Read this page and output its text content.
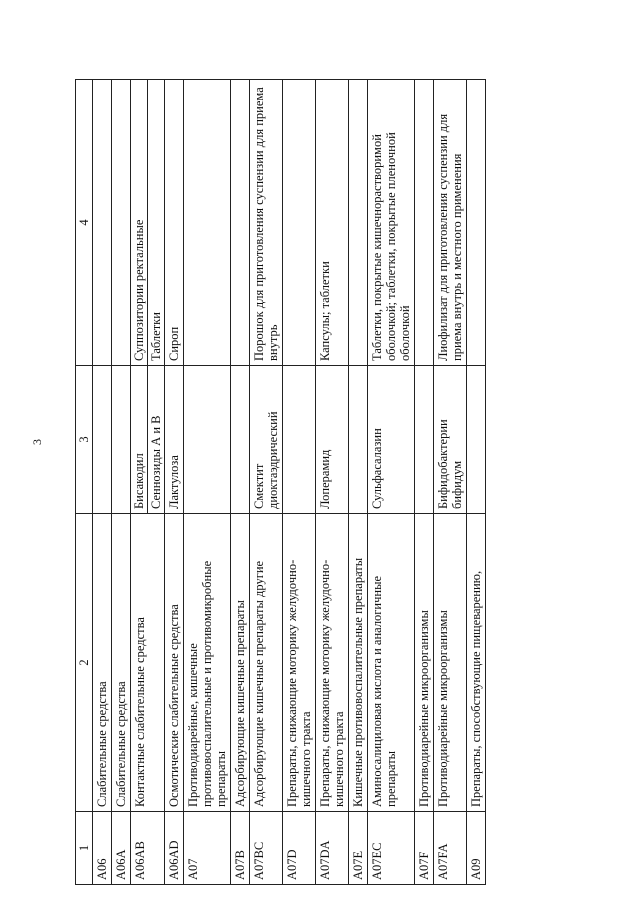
3
1	2	3	4
A06	Слабительные средства		
A06A	Слабительные средства		
A06AB	Контактные слабительные средства	Бисакодил	Суппозитории ректальные
		Сеннозиды А и В	Таблетки
A06AD	Осмотические слабительные средства	Лактулоза	Сироп
A07	Противодиарейные, кишечные противовоспалительные и противомикробные препараты		
A07B	Адсорбирующие кишечные препараты		
A07BC	Адсорбирующие кишечные препараты другие	Смектит диоктаэдрический	Порошок для приготовления суспензии для приема внутрь
A07D	Препараты, снижающие моторику желудочно-кишечного тракта		
A07DA	Препараты, снижающие моторику желудочно-кишечного тракта	Лоперамид	Капсулы; таблетки
A07E	Кишечные противовоспалительные препараты		
A07EC	Аминосалициловая кислота и аналогичные препараты	Сульфасалазин	Таблетки, покрытые кишечнорастворимой оболочкой; таблетки, покрытые пленочной оболочкой
A07F	Противодиарейные микроорганизмы		
A07FA	Противодиарейные микроорганизмы	Бифидобактерии бифидум	Лиофилизат для приготовления суспензии для приема внутрь и местного применения
A09	Препараты, способствующие пищеварению,		
